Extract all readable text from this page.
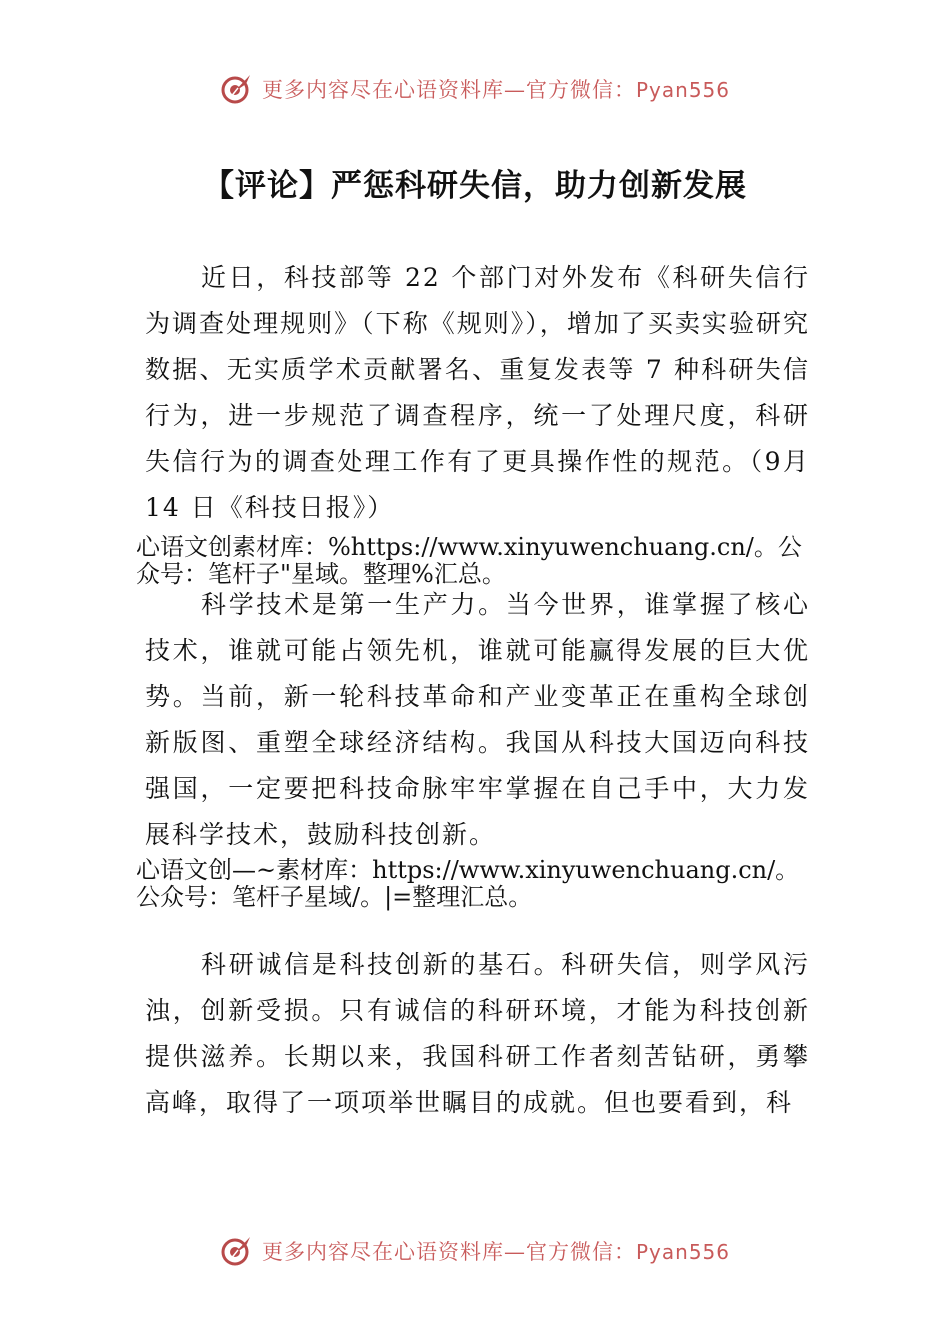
更多内容尽在心语资料库—官方微信：Pyan556
【评论】严惩科研失信，助力创新发展

近日，科技部等 22 个部门对外发布《科研失信行为调查处理规则》（下称《规则》），增加了买卖实验研究数据、无实质学术贡献署名、重复发表等 7 种科研失信行为，进一步规范了调查程序，统一了处理尺度，科研失信行为的调查处理工作有了更具操作性的规范。（9月 14 日《科技日报》）

心语文创素材库：%https://www.xinyuwenchuang.cn/。公众号：笔杆子"星域。整理%汇总。

科学技术是第一生产力。当今世界，谁掌握了核心技术，谁就可能占领先机，谁就可能赢得发展的巨大优势。当前，新一轮科技革命和产业变革正在重构全球创新版图、重塑全球经济结构。我国从科技大国迈向科技强国，一定要把科技命脉牢牢掌握在自己手中，大力发展科学技术，鼓励科技创新。

心语文创—~素材库：https://www.xinyuwenchuang.cn/。公众号：笔杆子星域/。|=整理汇总。

科研诚信是科技创新的基石。科研失信，则学风污浊，创新受损。只有诚信的科研环境，才能为科技创新提供滋养。长期以来，我国科研工作者刻苦钻研，勇攀高峰，取得了一项项举世瞩目的成就。但也要看到，科

更多内容尽在心语资料库—官方微信：Pyan556
